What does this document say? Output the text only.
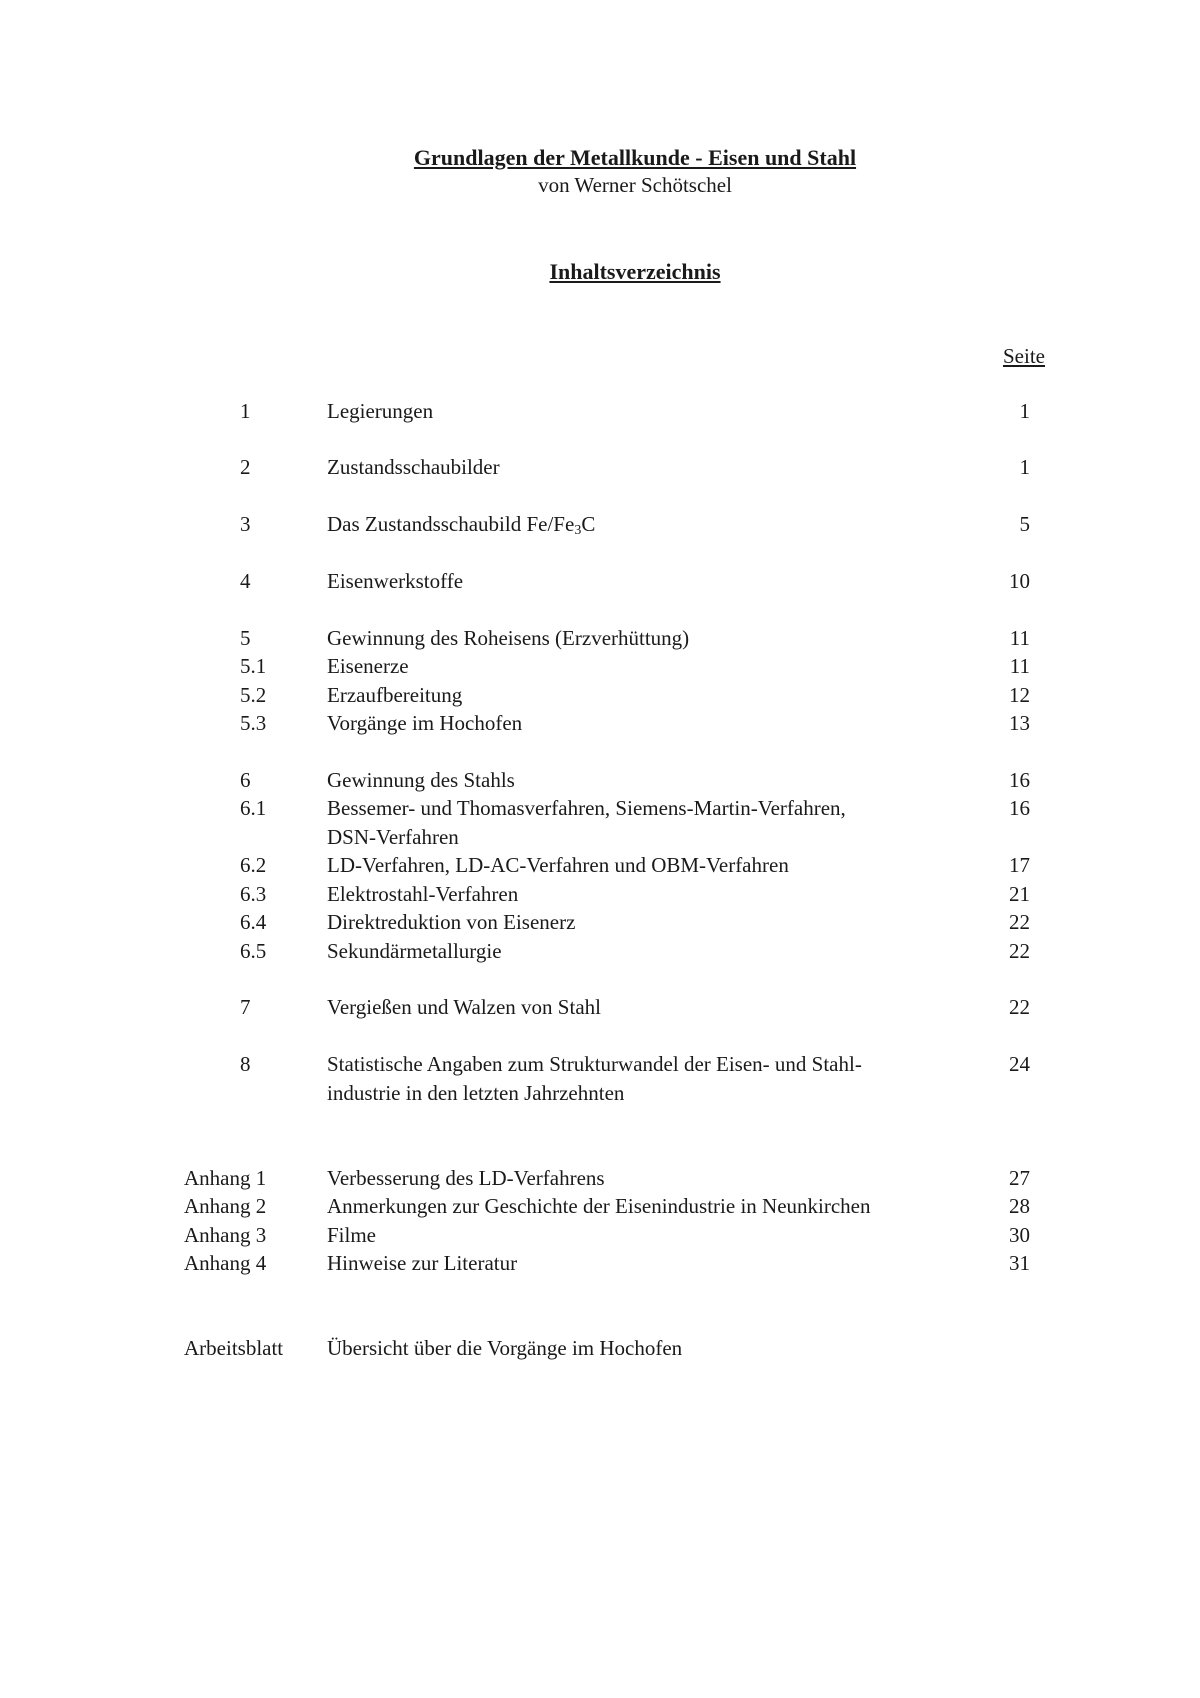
Grundlagen der Metallkunde - Eisen und Stahl
von Werner Schötschel
Inhaltsverzeichnis
Seite
1	Legierungen	1
2	Zustandsschaubilder	1
3	Das Zustandsschaubild $Fe/Fe_3C$	5
4	Eisenwerkstoffe	10
5	Gewinnung des Roheisens (Erzverhüttung)	11
5.1	Eisenerze	11
5.2	Erzaufbereitung	12
5.3	Vorgänge im Hochofen	13
6	Gewinnung des Stahls	16
6.1	Bessemer- und Thomasverfahren, Siemens-Martin-Verfahren,	16
DSN-Verfahren
6.2	LD-Verfahren, LD-AC-Verfahren und OBM-Verfahren	17
6.3	Elektrostahl-Verfahren	21
6.4	Direktreduktion von Eisenerz	22
6.5	Sekundärmetallurgie	22
7	Vergießen und Walzen von Stahl	22
8	Statistische Angaben zum Strukturwandel der Eisen- und Stahl-	24
industrie in den letzten Jahrzehnten
Anhang 1	Verbesserung des LD-Verfahrens	27
Anhang 2	Anmerkungen zur Geschichte der Eisenindustrie in Neunkirchen	28
Anhang 3	Filme	30
Anhang 4	Hinweise zur Literatur	31
Arbeitsblatt Übersicht über die Vorgänge im Hochofen
